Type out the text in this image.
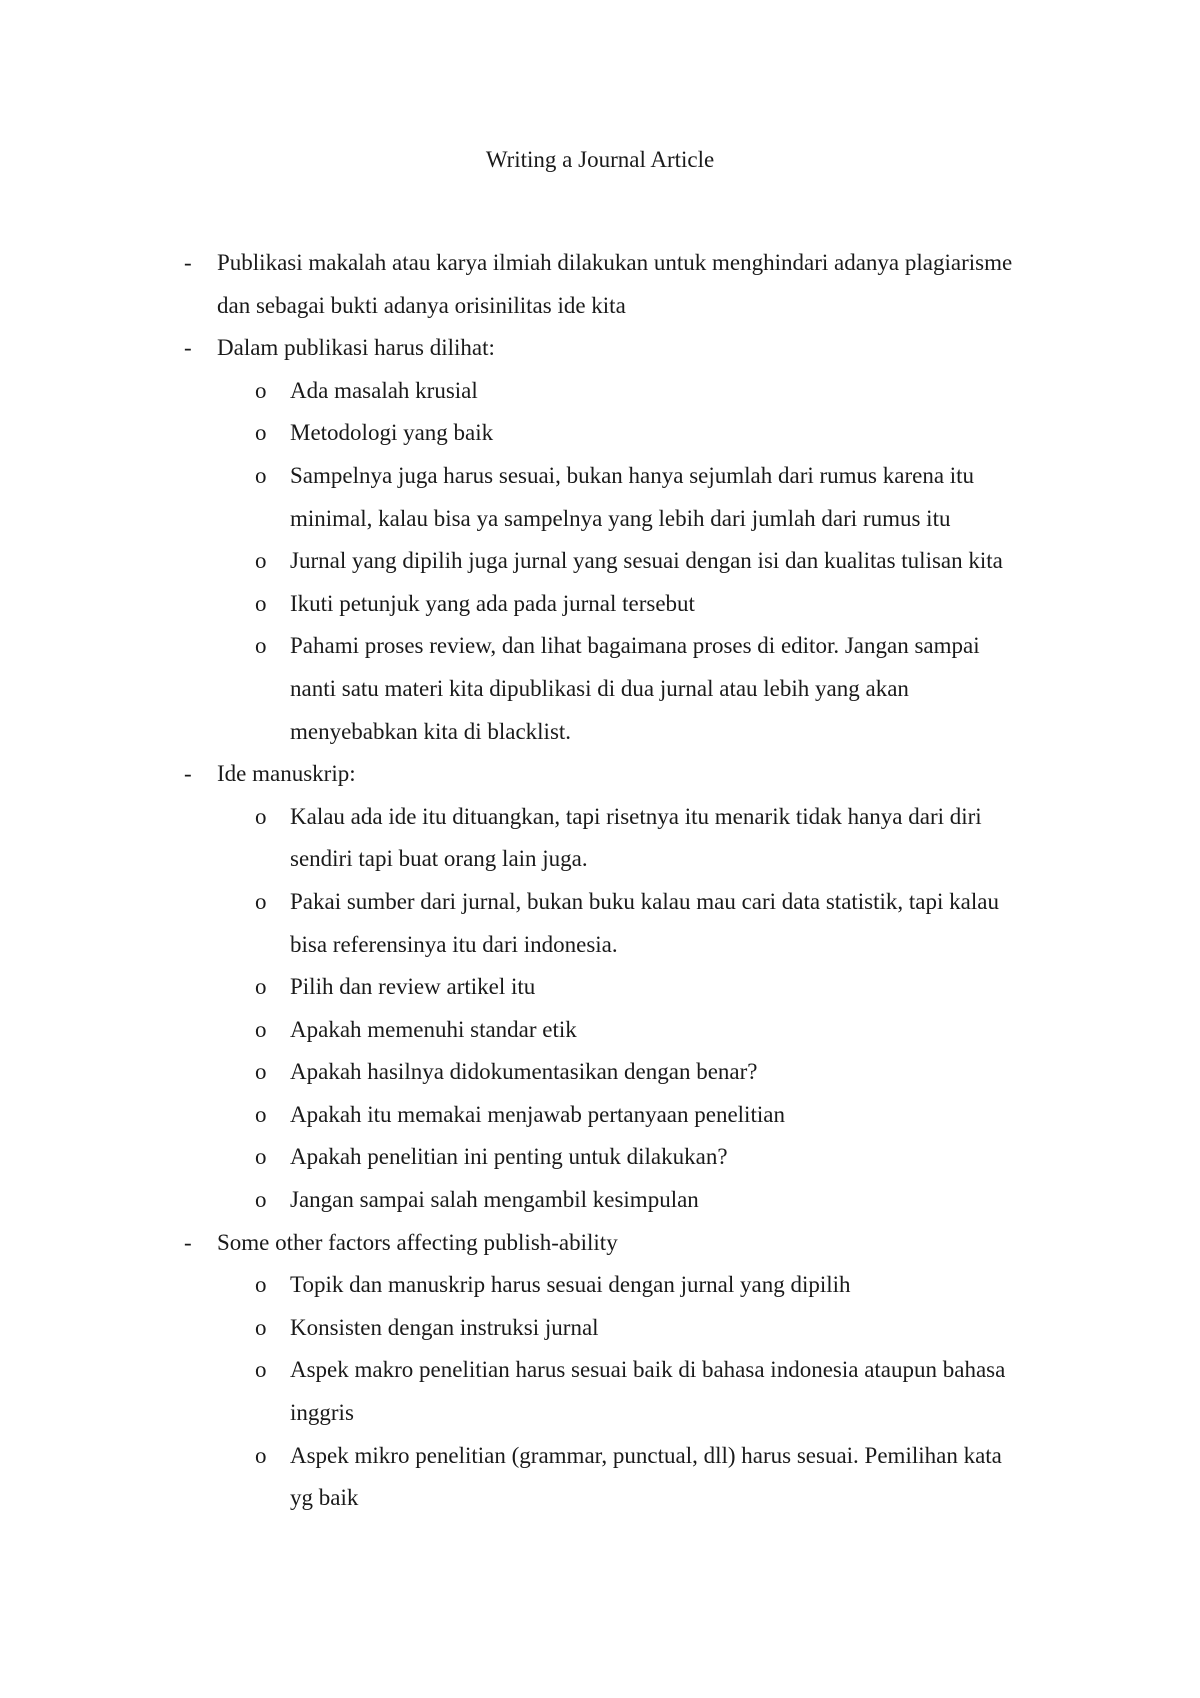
Writing a Journal Article
- Publikasi makalah atau karya ilmiah dilakukan untuk menghindari adanya plagiarisme
dan sebagai bukti adanya orisinilitas ide kita
- Dalam publikasi harus dilihat:
o Ada masalah krusial
o Metodologi yang baik
o Sampelnya juga harus sesuai, bukan hanya sejumlah dari rumus karena itu
minimal, kalau bisa ya sampelnya yang lebih dari jumlah dari rumus itu
o Jurnal yang dipilih juga jurnal yang sesuai dengan isi dan kualitas tulisan kita
o Ikuti petunjuk yang ada pada jurnal tersebut
o Pahami proses review, dan lihat bagaimana proses di editor. Jangan sampai
nanti satu materi kita dipublikasi di dua jurnal atau lebih yang akan
menyebabkan kita di blacklist.
- Ide manuskrip:
o Kalau ada ide itu dituangkan, tapi risetnya itu menarik tidak hanya dari diri
sendiri tapi buat orang lain juga.
o Pakai sumber dari jurnal, bukan buku kalau mau cari data statistik, tapi kalau
bisa referensinya itu dari indonesia.
o Pilih dan review artikel itu
o Apakah memenuhi standar etik
o Apakah hasilnya didokumentasikan dengan benar?
o Apakah itu memakai menjawab pertanyaan penelitian
o Apakah penelitian ini penting untuk dilakukan?
o Jangan sampai salah mengambil kesimpulan
- Some other factors affecting publish-ability
o Topik dan manuskrip harus sesuai dengan jurnal yang dipilih
o Konsisten dengan instruksi jurnal
o Aspek makro penelitian harus sesuai baik di bahasa indonesia ataupun bahasa
inggris
o Aspek mikro penelitian (grammar, punctual, dll) harus sesuai. Pemilihan kata
yg baik
